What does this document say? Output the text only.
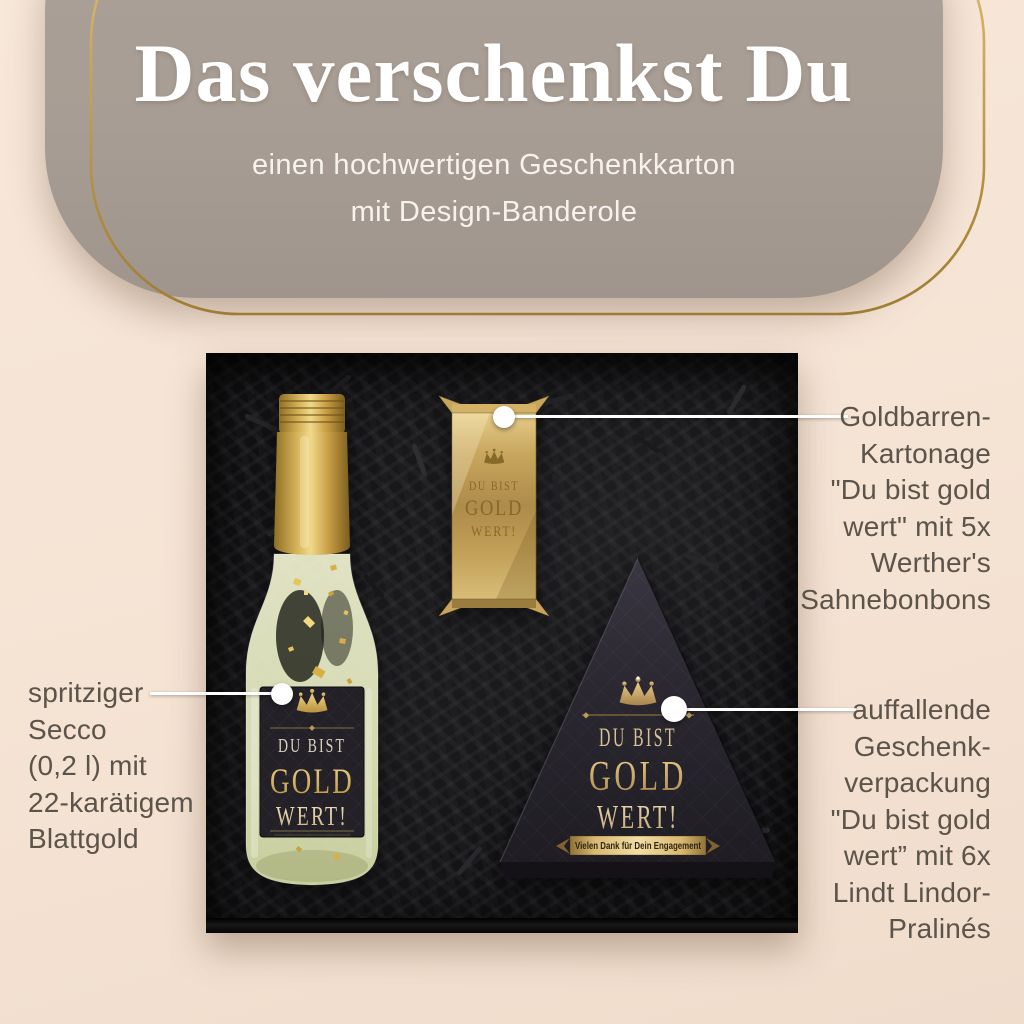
Das verschenkst Du
einen hochwertigen Geschenkkarton
mit Design-Banderole
DU BIST
GOLD
WERT!
DU BIST
GOLD
WERT!
DU BIST
GOLD
WERT!
Vielen Dank für Dein Engagement
Goldbarren-
Kartonage
"Du bist gold
wert" mit 5x
Werther's
Sahnebonbons
spritziger
Secco
(0,2 l) mit
22-karätigem
Blattgold
auffallende
Geschenk-
verpackung
"Du bist gold
wert” mit 6x
Lindt Lindor-
Pralinés
